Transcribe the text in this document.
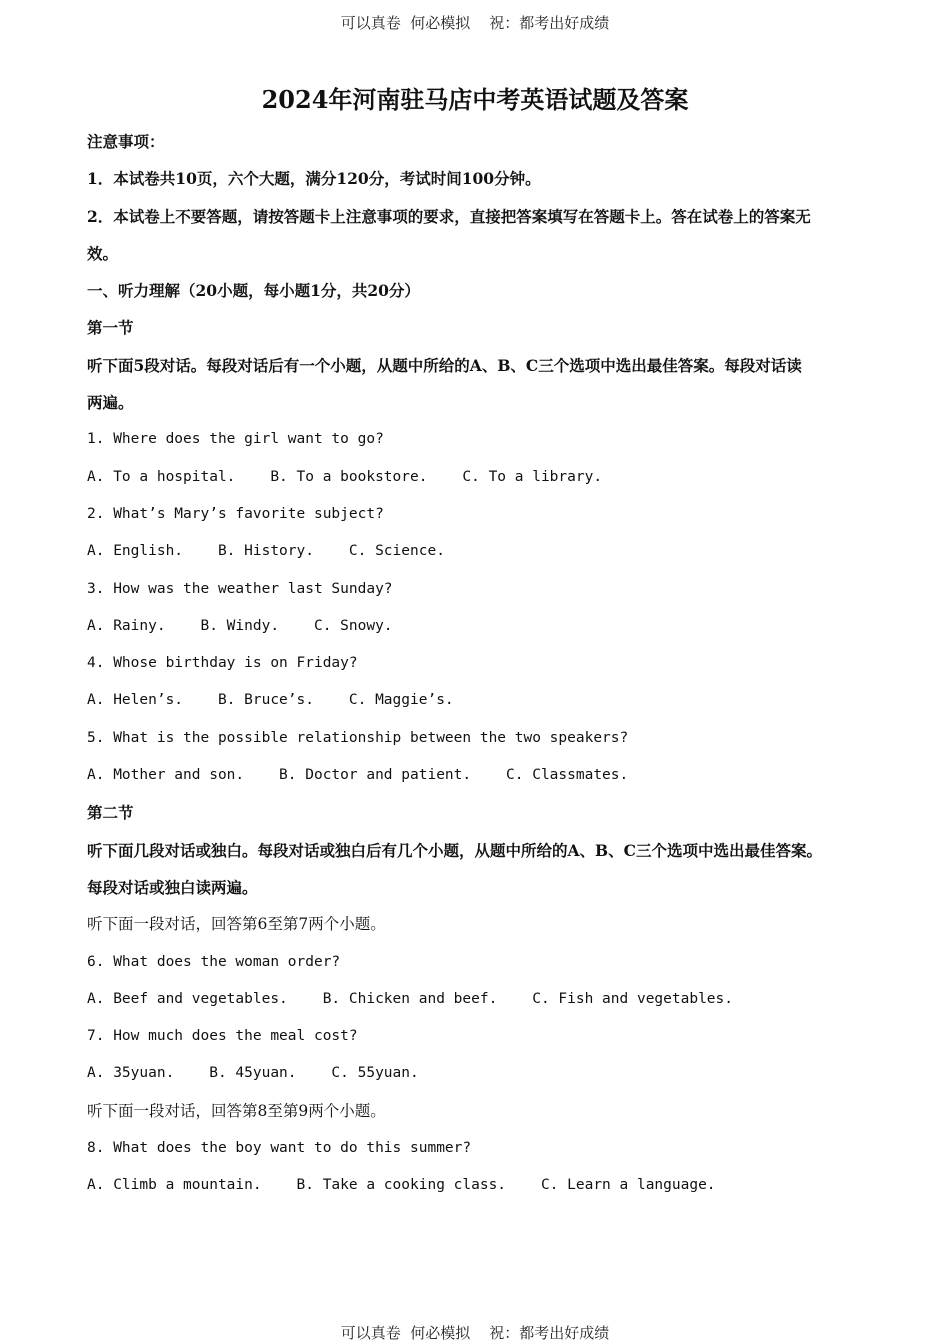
可以真卷  何必模拟    祝：都考出好成绩
2024年河南驻马店中考英语试题及答案

注意事项：

1．本试卷共10页，六个大题，满分120分，考试时间100分钟。

2．本试卷上不要答题，请按答题卡上注意事项的要求，直接把答案填写在答题卡上。答在试卷上的答案无

效。

一、听力理解（20小题，每小题1分，共20分）

第一节

听下面5段对话。每段对话后有一个小题，从题中所给的A、B、C三个选项中选出最佳答案。每段对话读

两遍。

1. Where does the girl want to go?

A. To a hospital.    B. To a bookstore.    C. To a library.

2. What’s Mary’s favorite subject?

A. English.    B. History.    C. Science.

3. How was the weather last Sunday?

A. Rainy.    B. Windy.    C. Snowy.

4. Whose birthday is on Friday?

A. Helen’s.    B. Bruce’s.    C. Maggie’s.

5. What is the possible relationship between the two speakers?

A. Mother and son.    B. Doctor and patient.    C. Classmates.

第二节

听下面几段对话或独白。每段对话或独白后有几个小题，从题中所给的A、B、C三个选项中选出最佳答案。

每段对话或独白读两遍。

听下面一段对话，回答第6至第7两个小题。

6. What does the woman order?

A. Beef and vegetables.    B. Chicken and beef.    C. Fish and vegetables.

7. How much does the meal cost?

A. 35yuan.    B. 45yuan.    C. 55yuan.

听下面一段对话，回答第8至第9两个小题。

8. What does the boy want to do this summer?

A. Climb a mountain.    B. Take a cooking class.    C. Learn a language.

可以真卷  何必模拟    祝：都考出好成绩
